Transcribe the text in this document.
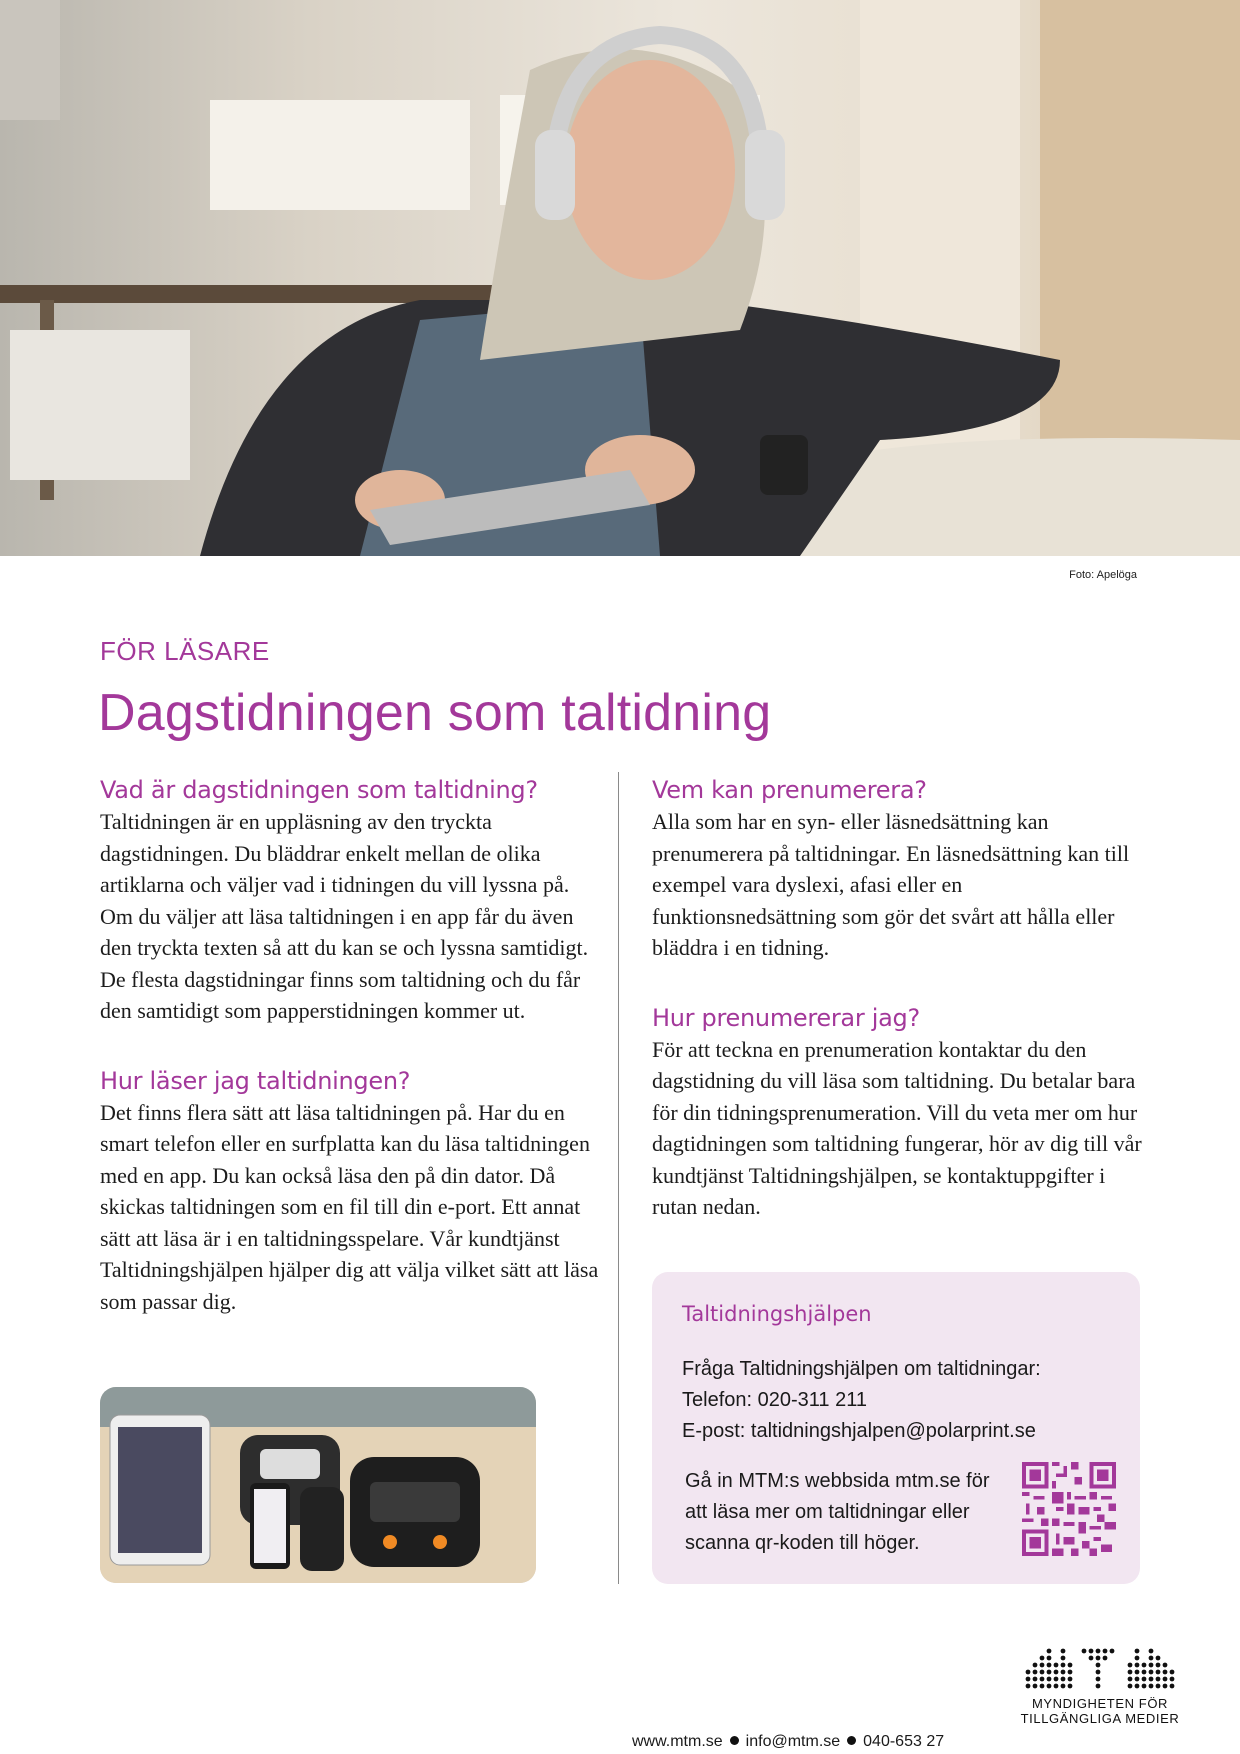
Foto: Apelöga
FÖR LÄSARE
Dagstidningen som taltidning
Vad är dagstidningen som taltidning?

Taltidningen är en uppläsning av den tryckta dagstidningen. Du bläddrar enkelt mellan de olika artiklarna och väljer vad i tidningen du vill lyssna på. Om du väljer att läsa taltidningen i en app får du även den tryckta texten så att du kan se och lyssna samtidigt. De flesta dagstidningar finns som taltidning och du får den samtidigt som papperstidningen kommer ut.

Hur läser jag taltidningen?

Det finns flera sätt att läsa taltidningen på. Har du en smart telefon eller en surfplatta kan du läsa taltidningen med en app. Du kan också läsa den på din dator. Då skickas taltidningen som en fil till din e-port. Ett annat sätt att läsa är i en taltidningsspelare. Vår kundtjänst Taltidningshjälpen hjälper dig att välja vilket sätt att läsa som passar dig.

Vem kan prenumerera?

Alla som har en syn- eller läsnedsättning kan prenumerera på taltidningar. En läsnedsättning kan till exempel vara dyslexi, afasi eller en funktionsnedsättning som gör det svårt att hålla eller bläddra i en tidning.

Hur prenumererar jag?

För att teckna en prenumeration kontaktar du den dagstidning du vill läsa som taltidning. Du betalar bara för din tidningsprenumeration. Vill du veta mer om hur dagtidningen som taltidning fungerar, hör av dig till vår kundtjänst Taltidningshjälpen, se kontaktuppgifter i rutan nedan.

Taltidningshjälpen
Fråga Taltidningshjälpen om taltidningar:
Telefon: 020-311 211
E-post: taltidningshjalpen@polarprint.se
Gå in MTM:s webbsida mtm.se för att läsa mer om taltidningar eller scanna qr-koden till höger.
www.mtm.se info@mtm.se 040-653 27
MYNDIGHETEN FÖR
TILLGÄNGLIGA MEDIER
